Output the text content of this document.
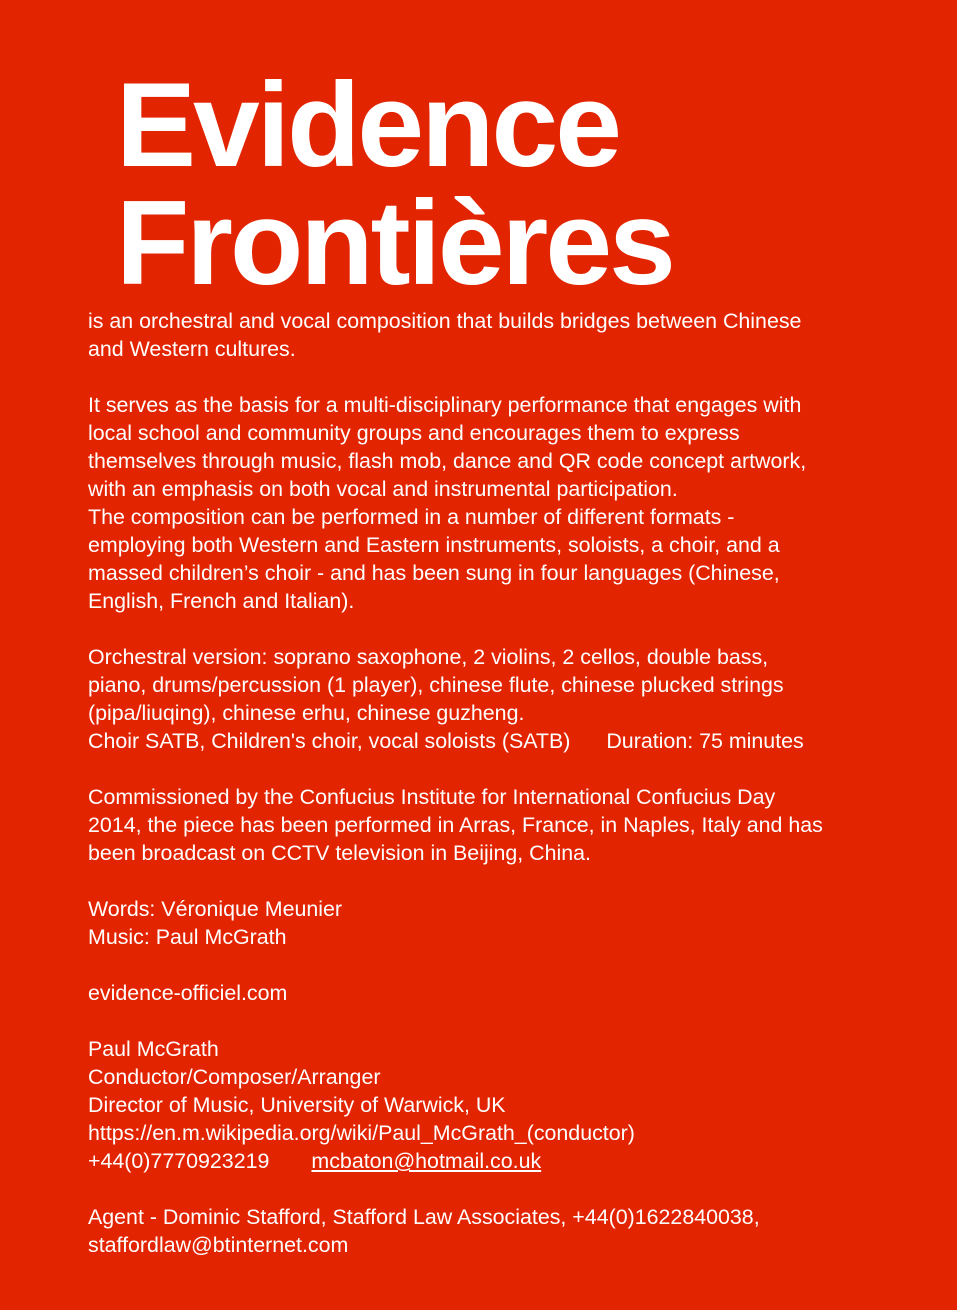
Evidence
Frontières

is an orchestral and vocal composition that builds bridges between Chinese

and Western cultures.

It serves as the basis for a multi-disciplinary performance that engages with

local school and community groups and encourages them to express

themselves through music, flash mob, dance and QR code concept artwork,

with an emphasis on both vocal and instrumental participation.

The composition can be performed in a number of different formats -

employing both Western and Eastern instruments, soloists, a choir, and a

massed children’s choir - and has been sung in four languages (Chinese,

English, French and Italian).

Orchestral version: soprano saxophone, 2 violins, 2 cellos, double bass,

piano, drums/percussion (1 player), chinese flute, chinese plucked strings

(pipa/liuqing), chinese erhu, chinese guzheng.

Choir SATB, Children's choir, vocal soloists (SATB) Duration: 75 minutes

Commissioned by the Confucius Institute for International Confucius Day

2014, the piece has been performed in Arras, France, in Naples, Italy and has

been broadcast on CCTV television in Beijing, China.

Words: Véronique Meunier

Music: Paul McGrath

evidence-officiel.com

Paul McGrath

Conductor/Composer/Arranger

Director of Music, University of Warwick, UK

https://en.m.wikipedia.org/wiki/Paul_McGrath_(conductor)

+44(0)7770923219 mcbaton@hotmail.co.uk

Agent - Dominic Stafford, Stafford Law Associates, +44(0)1622840038,

staffordlaw@btinternet.com
